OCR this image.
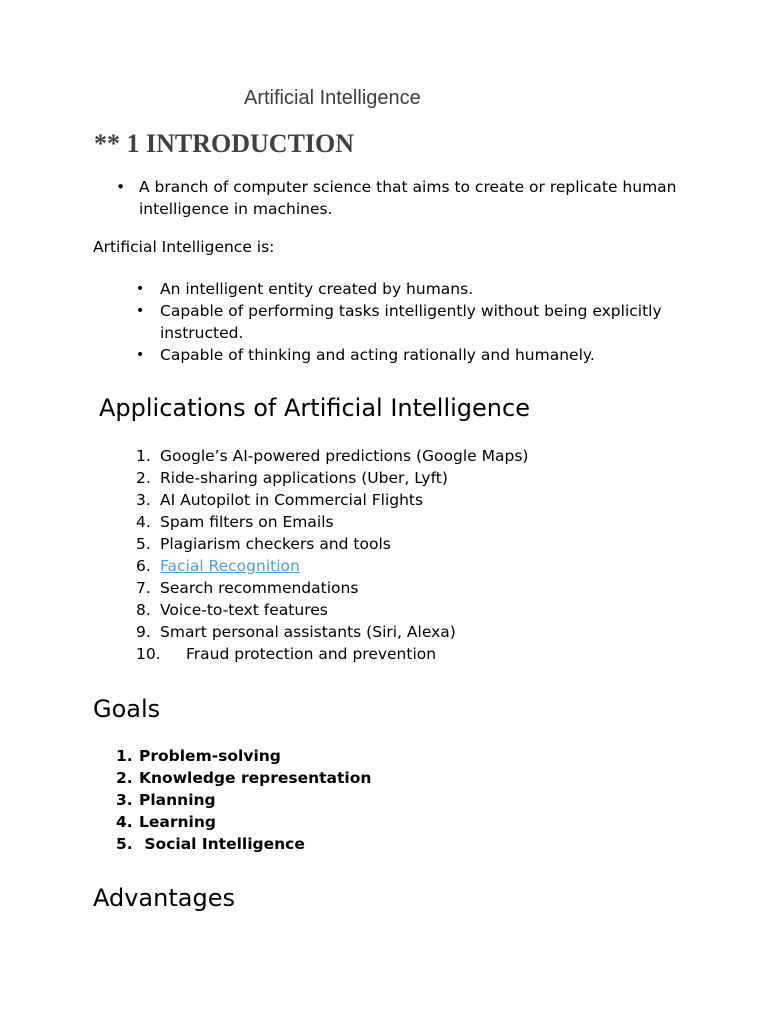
Artificial Intelligence
** 1 INTRODUCTION
• A branch of computer science that aims to create or replicate human intelligence in machines.
Artificial Intelligence is:
• An intelligent entity created by humans.
• Capable of performing tasks intelligently without being explicitly instructed.
• Capable of thinking and acting rationally and humanely.
Applications of Artificial Intelligence
1. Google’s AI-powered predictions (Google Maps)
2. Ride-sharing applications (Uber, Lyft)
3. AI Autopilot in Commercial Flights
4. Spam filters on Emails
5. Plagiarism checkers and tools
6. Facial Recognition
7. Search recommendations
8. Voice-to-text features
9. Smart personal assistants (Siri, Alexa)
10. Fraud protection and prevention
Goals
1. Problem-solving
2. Knowledge representation
3. Planning
4. Learning
5. Social Intelligence
Advantages
